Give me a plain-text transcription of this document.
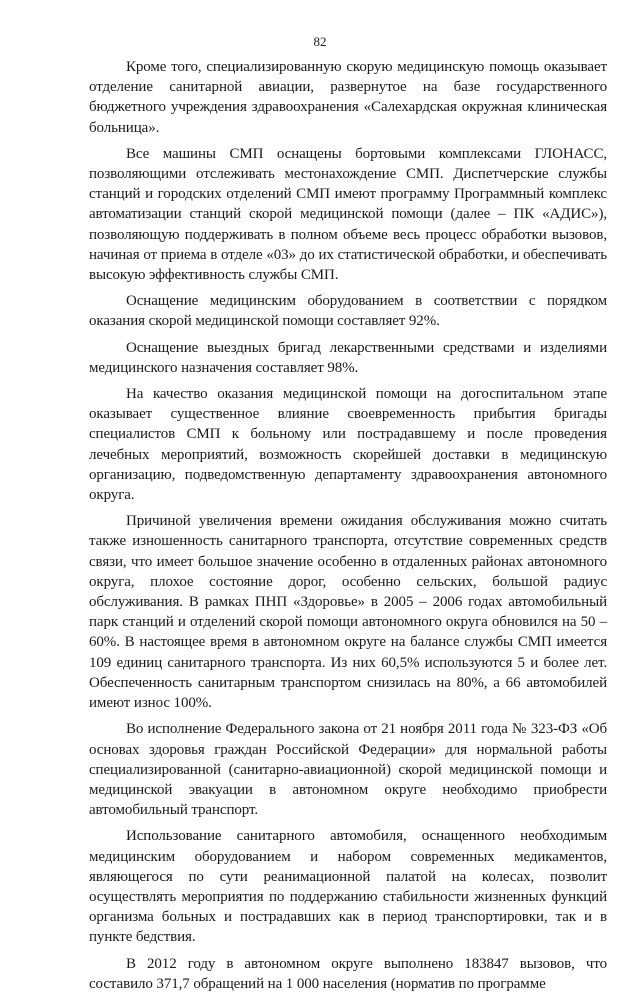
82

Кроме того, специализированную скорую медицинскую помощь оказывает отделение санитарной авиации, развернутое на базе государственного бюджетного учреждения здравоохранения «Салехардская окружная клиническая больница».

Все машины СМП оснащены бортовыми комплексами ГЛОНАСС, позволяющими отслеживать местонахождение СМП. Диспетчерские службы станций и городских отделений СМП имеют программу Программный комплекс автоматизации станций скорой медицинской помощи (далее – ПК «АДИС»), позволяющую поддерживать в полном объеме весь процесс обработки вызовов, начиная от приема в отделе «03» до их статистической обработки, и обеспечивать высокую эффективность службы СМП.

Оснащение медицинским оборудованием в соответствии с порядком оказания скорой медицинской помощи составляет 92%.

Оснащение выездных бригад лекарственными средствами и изделиями медицинского назначения составляет 98%.

На качество оказания медицинской помощи на догоспитальном этапе оказывает существенное влияние своевременность прибытия бригады специалистов СМП к больному или пострадавшему и после проведения лечебных мероприятий, возможность скорейшей доставки в медицинскую организацию, подведомственную департаменту здравоохранения автономного округа.

Причиной увеличения времени ожидания обслуживания можно считать также изношенность санитарного транспорта, отсутствие современных средств связи, что имеет большое значение особенно в отдаленных районах автономного округа, плохое состояние дорог, особенно сельских, большой радиус обслуживания. В рамках ПНП «Здоровье» в 2005 – 2006 годах автомобильный парк станций и отделений скорой помощи автономного округа обновился на 50 – 60%. В настоящее время в автономном округе на балансе службы СМП имеется 109 единиц санитарного транспорта. Из них 60,5% используются 5 и более лет. Обеспеченность санитарным транспортом снизилась на 80%, а 66 автомобилей имеют износ 100%.

Во исполнение Федерального закона от 21 ноября 2011 года № 323-ФЗ «Об основах здоровья граждан Российской Федерации» для нормальной работы специализированной (санитарно-авиационной) скорой медицинской помощи и медицинской эвакуации в автономном округе необходимо приобрести автомобильный транспорт.

Использование санитарного автомобиля, оснащенного необходимым медицинским оборудованием и набором современных медикаментов, являющегося по сути реанимационной палатой на колесах, позволит осуществлять мероприятия по поддержанию стабильности жизненных функций организма больных и пострадавших как в период транспортировки, так и в пункте бедствия.

В 2012 году в автономном округе выполнено 183847 вызовов, что составило 371,7 обращений на 1 000 населения (норматив по программе
